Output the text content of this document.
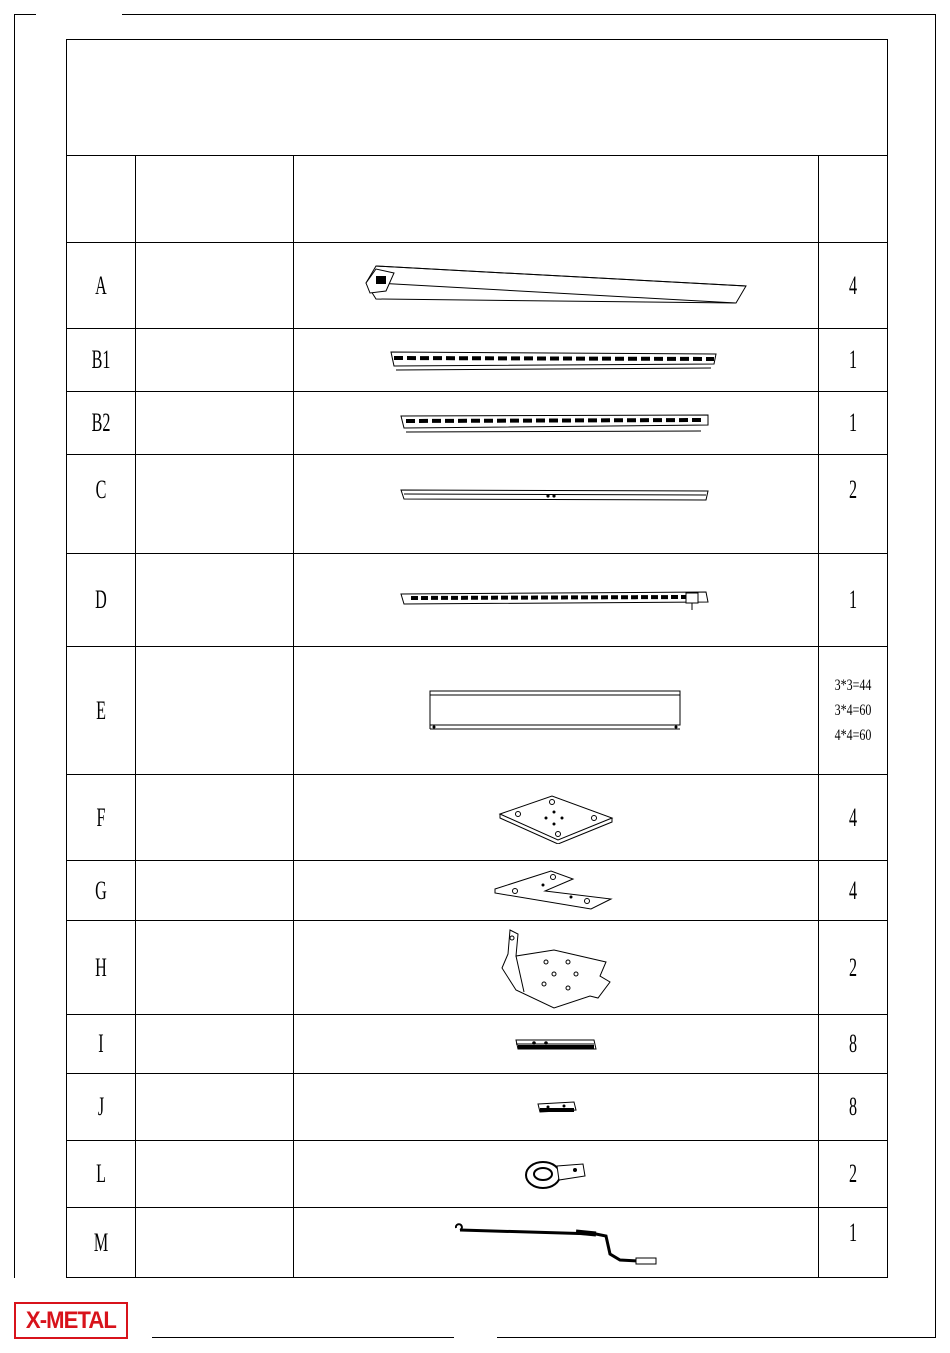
A			4

B1			1

B2			1

C			2

D			1

E			3*3=44
3*4=60
4*4=60

F			4

G			4

H			2

I			8

J			8

L			2

M			1
X-METAL
